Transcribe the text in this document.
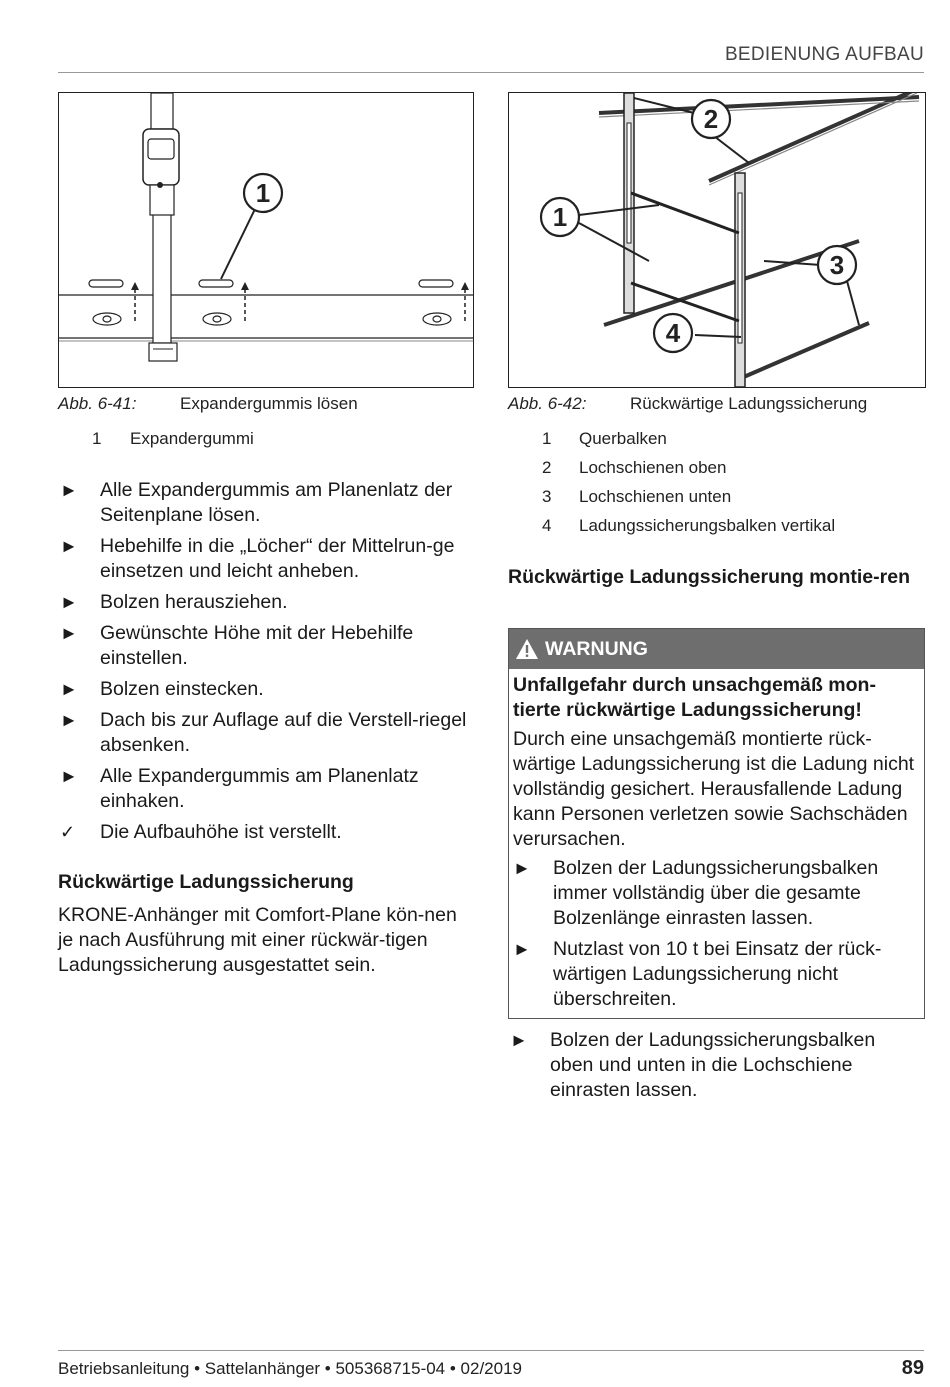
BEDIENUNG AUFBAU
1
1
2
3
4
Abb. 6-41:	Expandergummis lösen
1 Expandergummi
► Alle Expandergummis am Planenlatz der Seitenplane lösen.
► Hebehilfe in die „Löcher“ der Mittelrun-ge einsetzen und leicht anheben.
► Bolzen herausziehen.
► Gewünschte Höhe mit der Hebehilfe einstellen.
► Bolzen einstecken.
► Dach bis zur Auflage auf die Verstell-riegel absenken.
► Alle Expandergummis am Planenlatz einhaken.
✓ Die Aufbauhöhe ist verstellt.
Rückwärtige Ladungssicherung

KRONE-Anhänger mit Comfort-Plane kön-nen je nach Ausführung mit einer rückwär-tigen Ladungssicherung ausgestattet sein.

Abb. 6-42:	Rückwärtige Ladungssicherung
1 Querbalken
2 Lochschienen oben
3 Lochschienen unten
4 Ladungssicherungsbalken vertikal
Rückwärtige Ladungssicherung montie-ren
WARNUNG
Unfallgefahr durch unsachgemäß mon-tierte rückwärtige Ladungssicherung!

Durch eine unsachgemäß montierte rück-wärtige Ladungssicherung ist die Ladung nicht vollständig gesichert. Herausfallende Ladung kann Personen verletzen sowie Sachschäden verursachen.

► Bolzen der Ladungssicherungsbalken immer vollständig über die gesamte Bolzenlänge einrasten lassen.
► Nutzlast von 10 t bei Einsatz der rück-wärtigen Ladungssicherung nicht überschreiten.
► Bolzen der Ladungssicherungsbalken oben und unten in die Lochschiene einrasten lassen.
Betriebsanleitung • Sattelanhänger • 505368715-04 • 02/2019	89
